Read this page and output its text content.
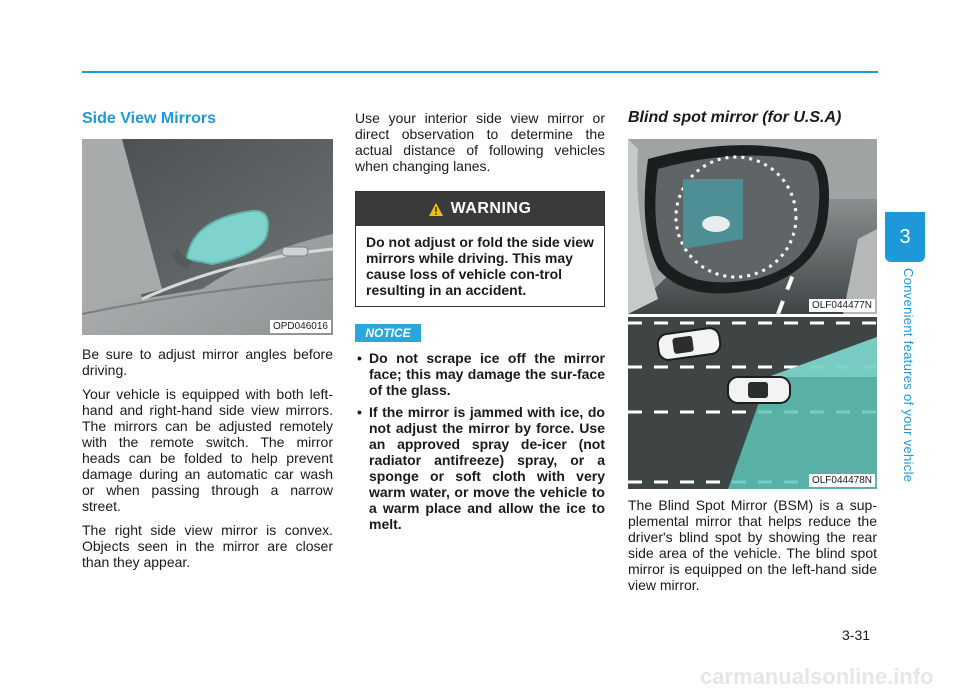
Side View Mirrors
OPD046016

Be sure to adjust mirror angles before driving.

Your vehicle is equipped with both left-hand and right-hand side view mirrors. The mirrors can be adjusted remotely with the remote switch. The mirror heads can be folded to help prevent damage during an automatic car wash or when passing through a narrow street.

The right side view mirror is convex. Objects seen in the mirror are closer than they appear.

Use your interior side view mirror or direct observation to determine the actual distance of following vehicles when changing lanes.

WARNING
Do not adjust or fold the side view mirrors while driving. This may cause loss of vehicle con-trol resulting in an accident.
NOTICE
• Do not scrape ice off the mirror face; this may damage the sur-face of the glass.
• If the mirror is jammed with ice, do not adjust the mirror by force. Use an approved spray de-icer (not radiator antifreeze) spray, or a sponge or soft cloth with very warm water, or move the vehicle to a warm place and allow the ice to melt.
Blind spot mirror (for U.S.A)
OLF044477N
OLF044478N

The Blind Spot Mirror (BSM) is a sup-plemental mirror that helps reduce the driver's blind spot by showing the rear side area of the vehicle. The blind spot mirror is equipped on the left-hand side view mirror.

3
Convenient features of your vehicle
3-31
carmanualsonline.info
